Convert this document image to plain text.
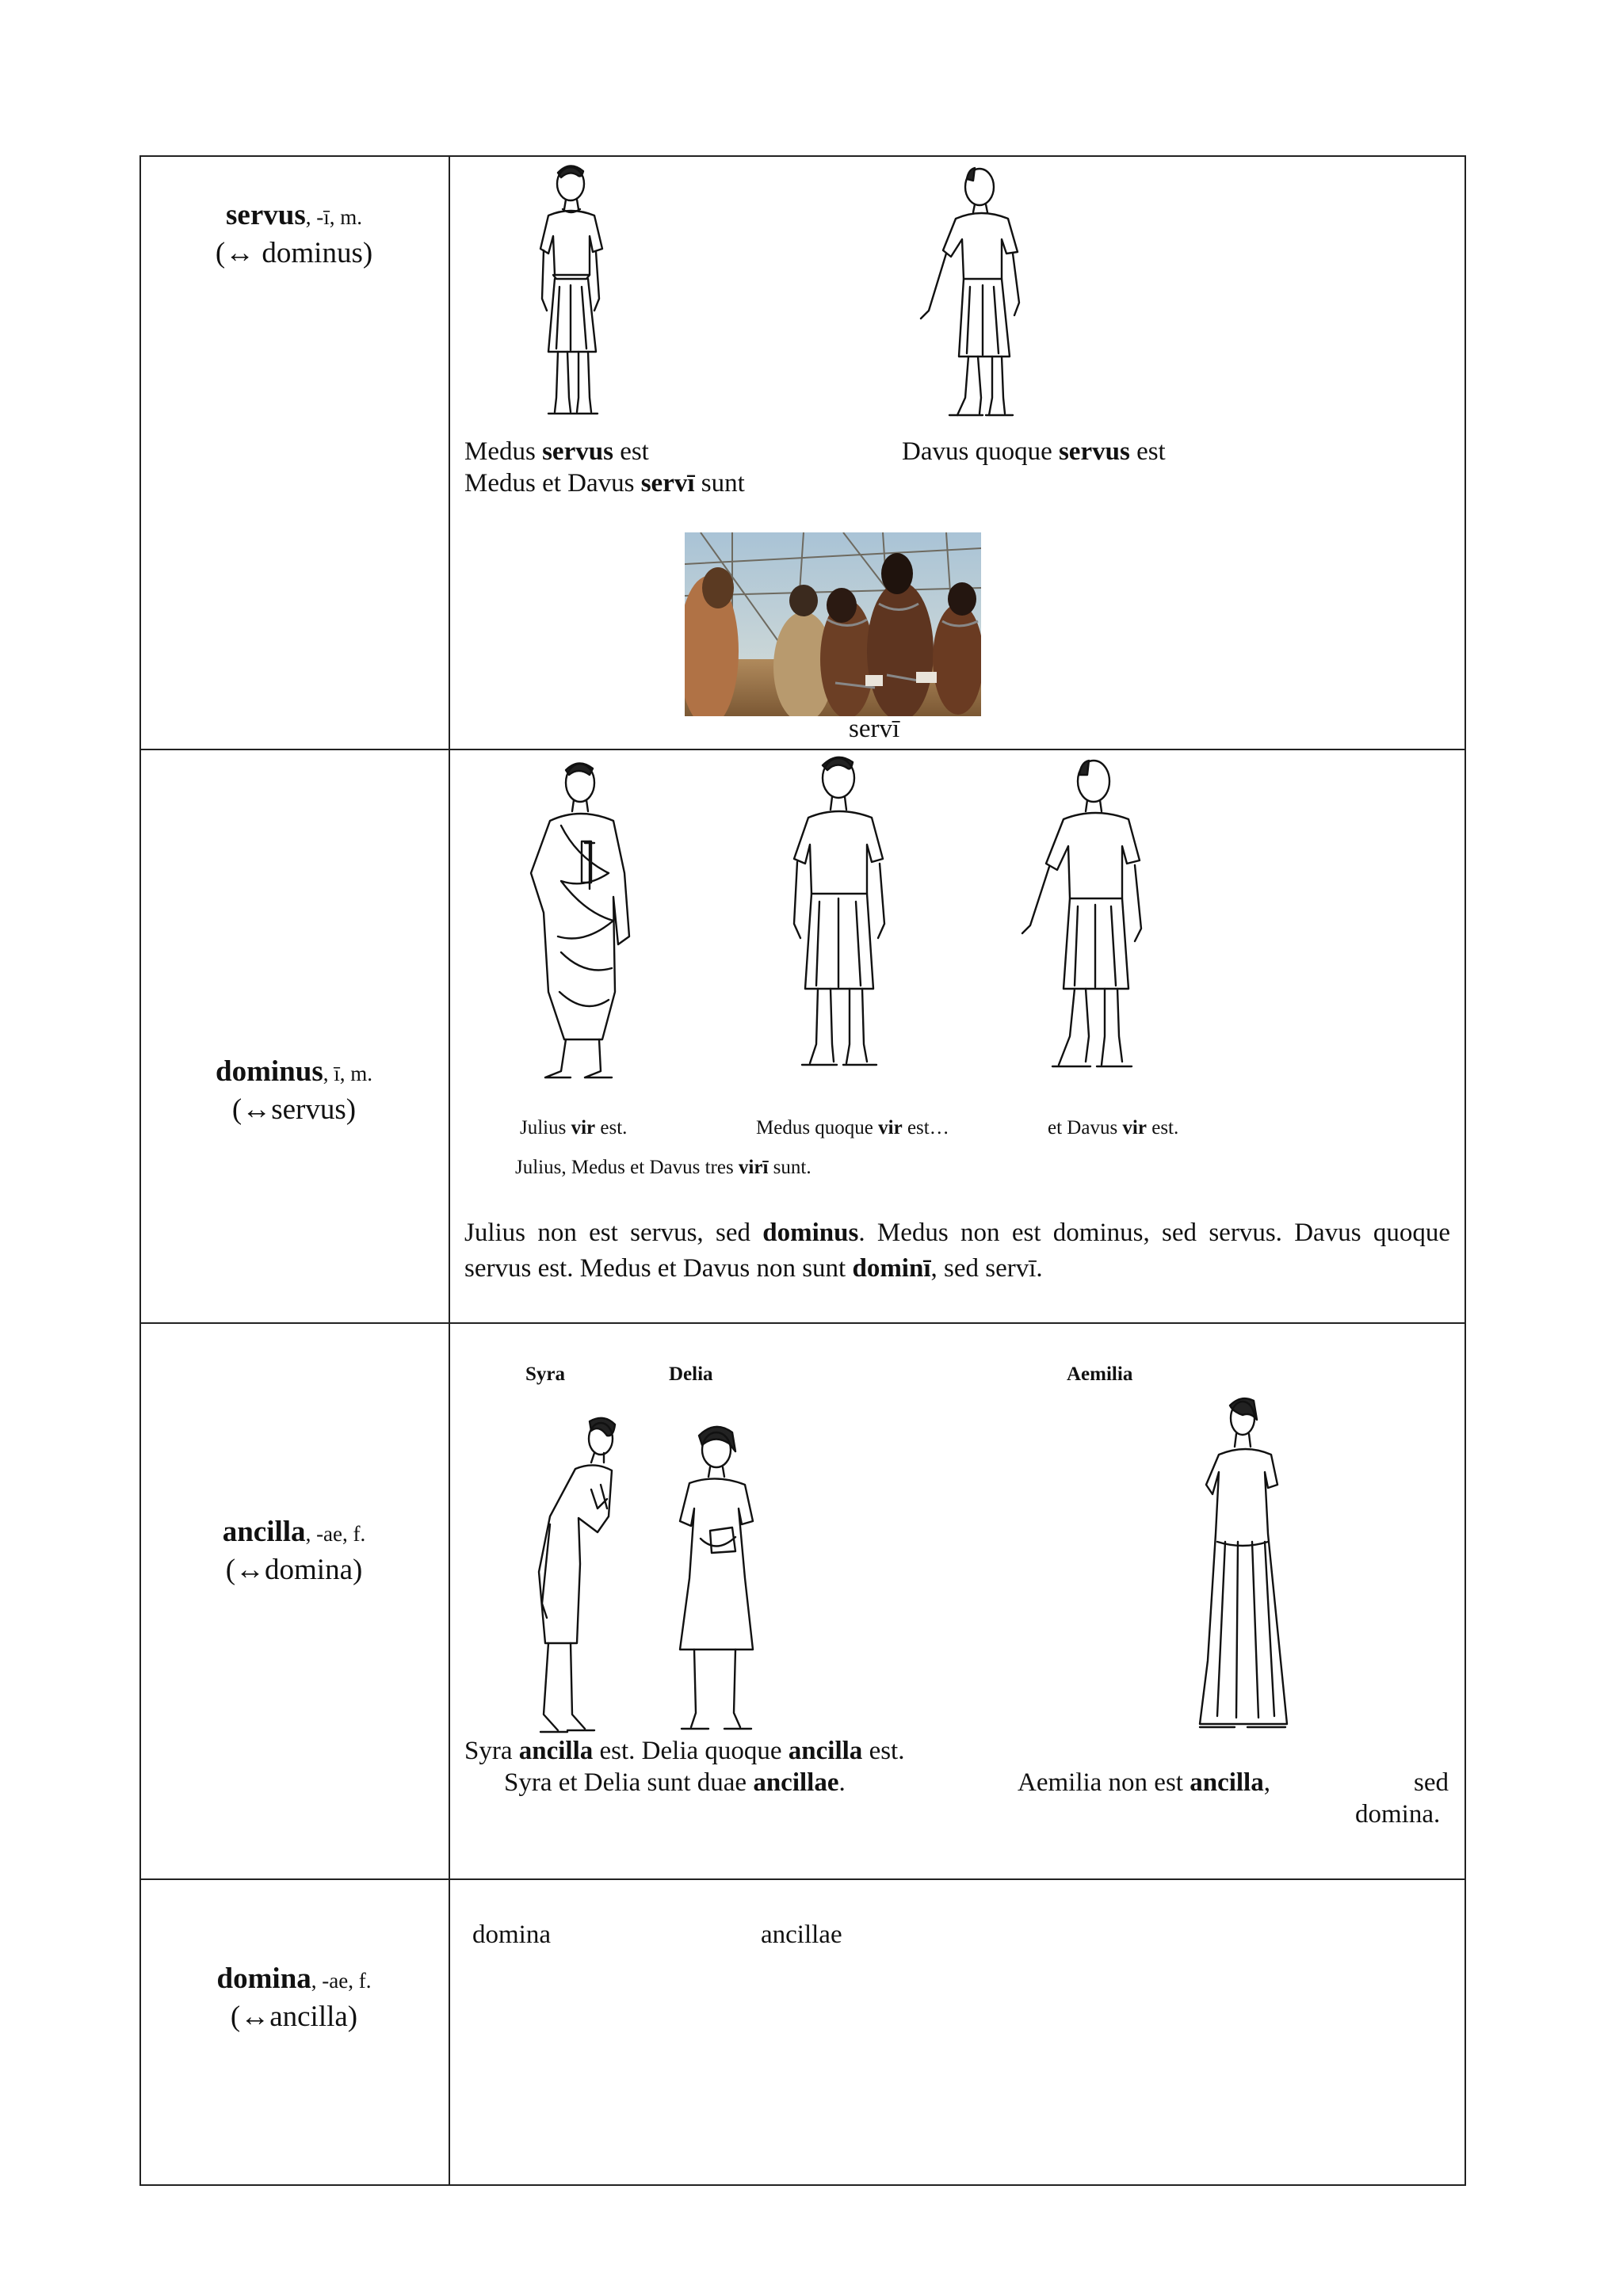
servus, -ī, m.
(↔ dominus)
Medus servus est	Davus quoque servus est
Medus et Davus servī sunt
servī
dominus, ī, m.
(↔servus)
Julius vir est.	Medus quoque vir est…	et Davus vir est.
Julius, Medus et Davus tres virī sunt.
Julius non est servus, sed dominus. Medus non est dominus, sed servus. Davus quoque servus est. Medus et Davus non sunt dominī, sed servī.
ancilla, -ae, f.
(↔domina)
Syra	Delia	Aemilia
Syra ancilla est. Delia quoque ancilla est.
Syra et Delia sunt duae ancillae.	Aemilia non est ancilla,	sed
domina.
domina, -ae, f.
(↔ancilla)
domina	ancillae
